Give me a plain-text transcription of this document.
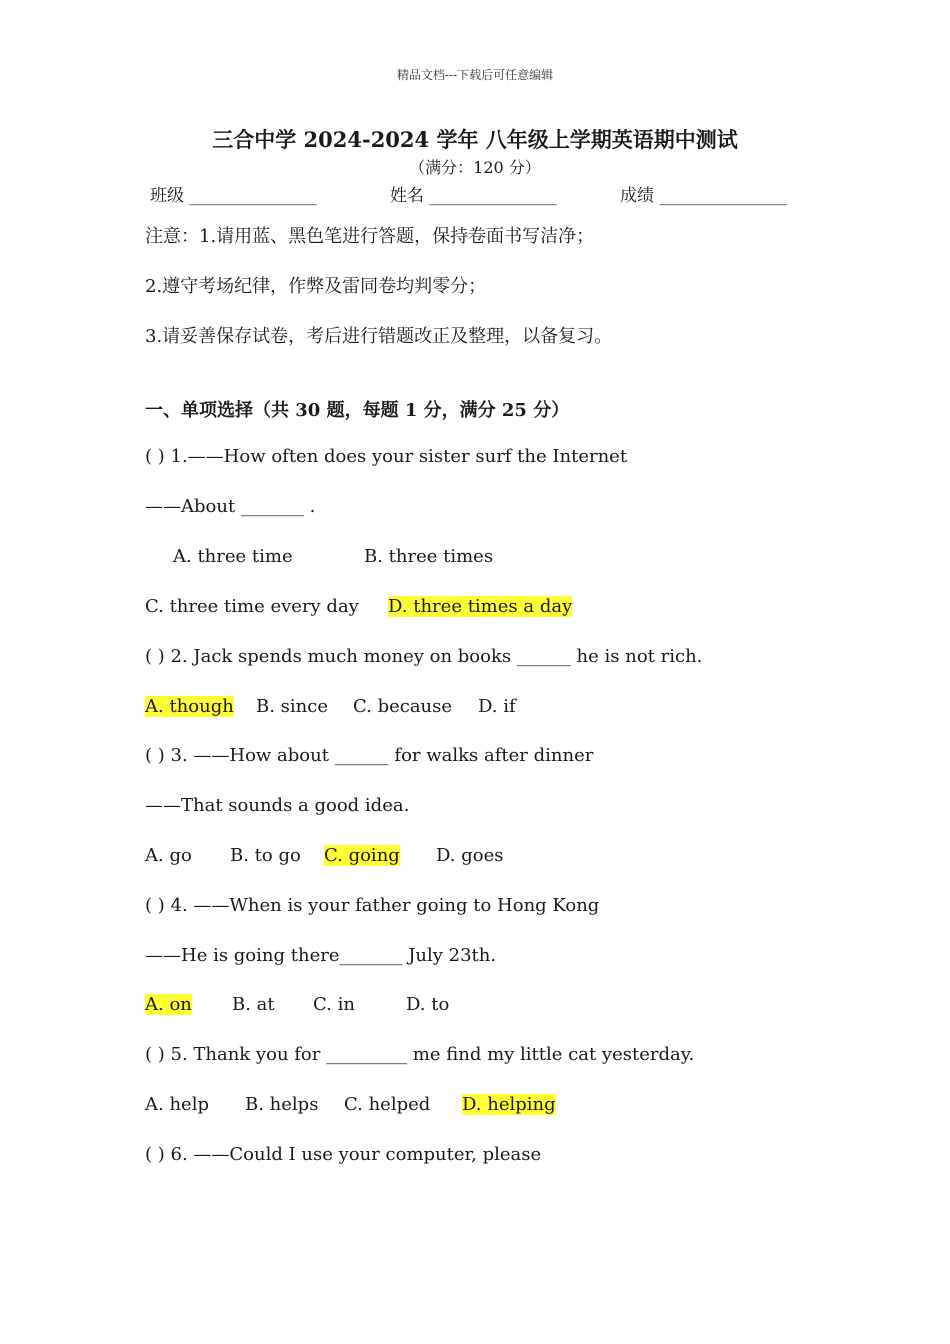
精品文档---下载后可任意编辑
三合中学 2024-2024 学年 八年级上学期英语期中测试
（满分：120 分）
班级 _______________	姓名 _______________	成绩 _______________
注意：1.请用蓝、黑色笔进行答题，保持卷面书写洁净；
2.遵守考场纪律，作弊及雷同卷均判零分；
3.请妥善保存试卷，考后进行错题改正及整理，以备复习。
一、单项选择（共 30 题，每题 1 分，满分 25 分）
( ) 1.——How often does your sister surf the Internet
——About _______ .
A. three time	B. three times
C. three time every day D. three times a day
( ) 2. Jack spends much money on books ______ he is not rich.
A. though B. since C. because D. if
( ) 3. ——How about ______ for walks after dinner
——That sounds a good idea.
A. go B. to go C. going D. goes
( ) 4. ——When is your father going to Hong Kong
——He is going there_______ July 23th.
A. on B. at C. in	D. to
( ) 5. Thank you for _________ me find my little cat yesterday.
A. help B. helps C. helped D. helping
( ) 6. ——Could I use your computer, please
